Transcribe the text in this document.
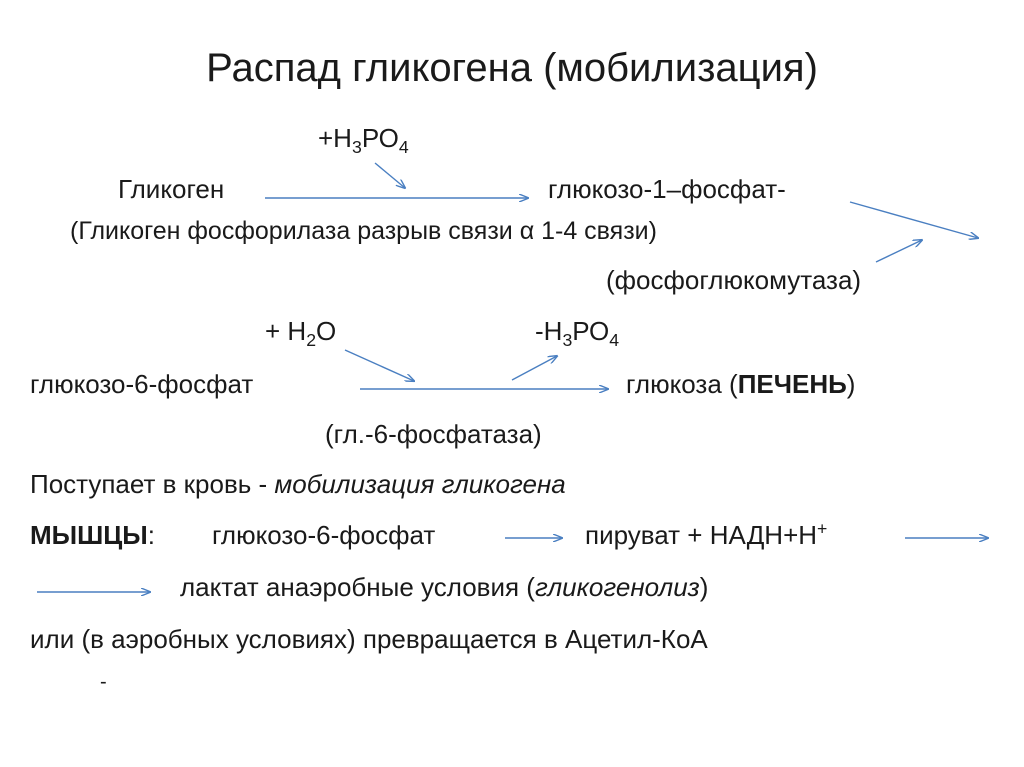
Распад гликогена (мобилизация)
$+Н_3РО_4$
Гликоген	глюкозо-1–фосфат-
(Гликоген фосфорилаза разрыв связи α 1-4 связи)
(фосфоглюкомутаза)
+ $Н_2О$	$-Н_3РО_4$
глюкозо-6-фосфат	глюкоза (ПЕЧЕНЬ)
(гл.-6-фосфатаза)
Поступает в кровь - мобилизация гликогена
МЫШЦЫ: глюкозо-6-фосфат	пируват + НАДН+Н+
лактат анаэробные условия (гликогенолиз)
или (в аэробных условиях) превращается в Ацетил-КоА
-
